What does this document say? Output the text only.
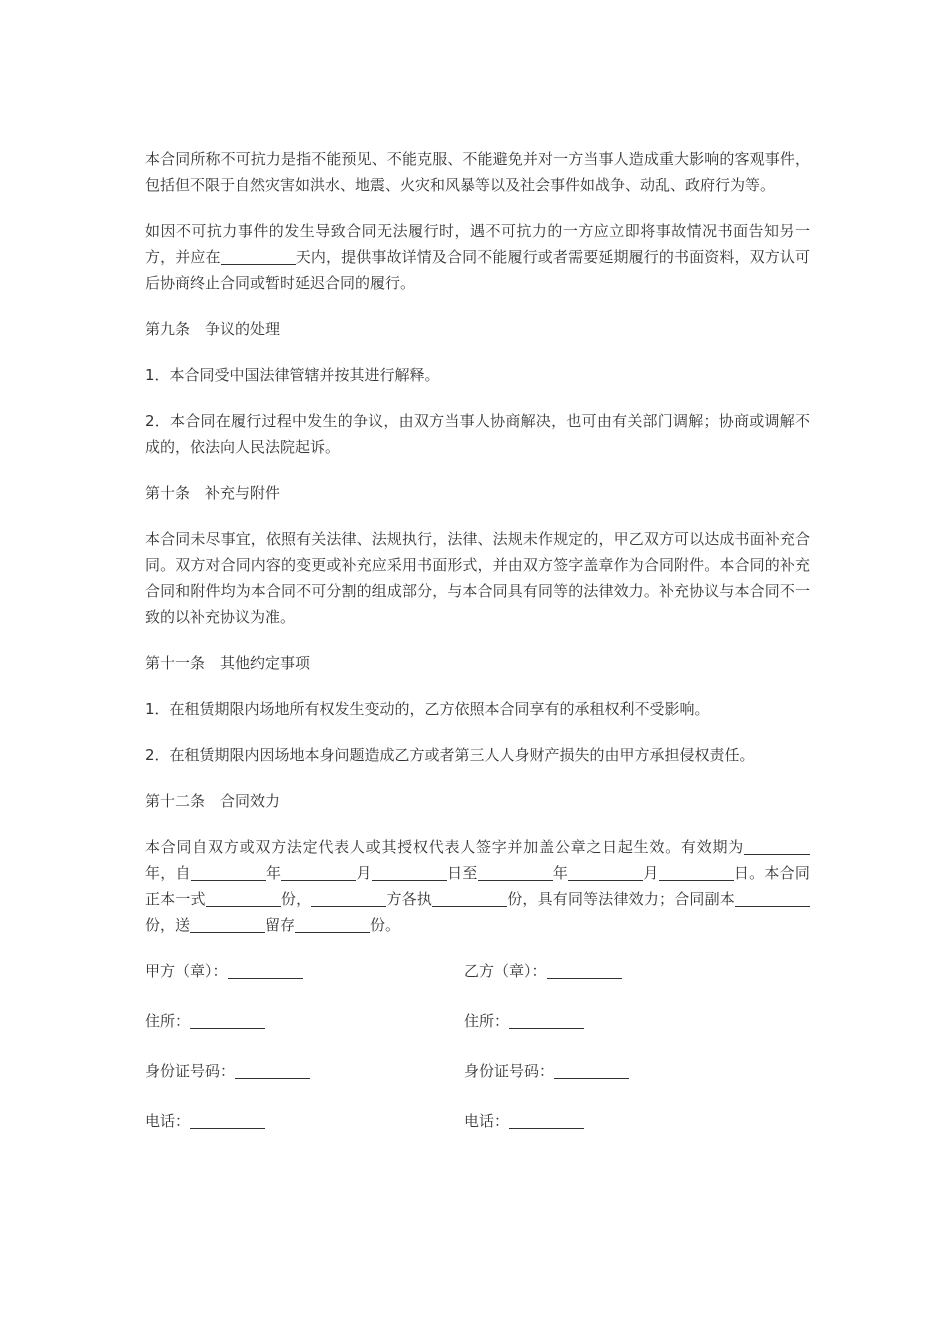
本合同所称不可抗力是指不能预见、不能克服、不能避免并对一方当事人造成重大影响的客观事件，包括但不限于自然灾害如洪水、地震、火灾和风暴等以及社会事件如战争、动乱、政府行为等。

如因不可抗力事件的发生导致合同无法履行时，遇不可抗力的一方应立即将事故情况书面告知另一方，并应在	天内，提供事故详情及合同不能履行或者需要延期履行的书面资料，双方认可后协商终止合同或暂时延迟合同的履行。

第九条　争议的处理

1．本合同受中国法律管辖并按其进行解释。

2．本合同在履行过程中发生的争议，由双方当事人协商解决，也可由有关部门调解；协商或调解不成的，依法向人民法院起诉。

第十条　补充与附件

本合同未尽事宜，依照有关法律、法规执行，法律、法规未作规定的，甲乙双方可以达成书面补充合同。双方对合同内容的变更或补充应采用书面形式，并由双方签字盖章作为合同附件。本合同的补充合同和附件均为本合同不可分割的组成部分，与本合同具有同等的法律效力。补充协议与本合同不一致的以补充协议为准。

第十一条　其他约定事项

1．在租赁期限内场地所有权发生变动的，乙方依照本合同享有的承租权利不受影响。

2．在租赁期限内因场地本身问题造成乙方或者第三人人身财产损失的由甲方承担侵权责任。

第十二条　合同效力

本合同自双方或双方法定代表人或其授权代表人签字并加盖公章之日起生效。有效期为年，自	年	月	日至	年	月	日。本合同正本一式	份，	方各执	份，具有同等法律效力；合同副本份，送	留存	份。

甲方（章）：	乙方（章）：
住所：	住所：
身份证号码：	身份证号码：
电话：	电话：
